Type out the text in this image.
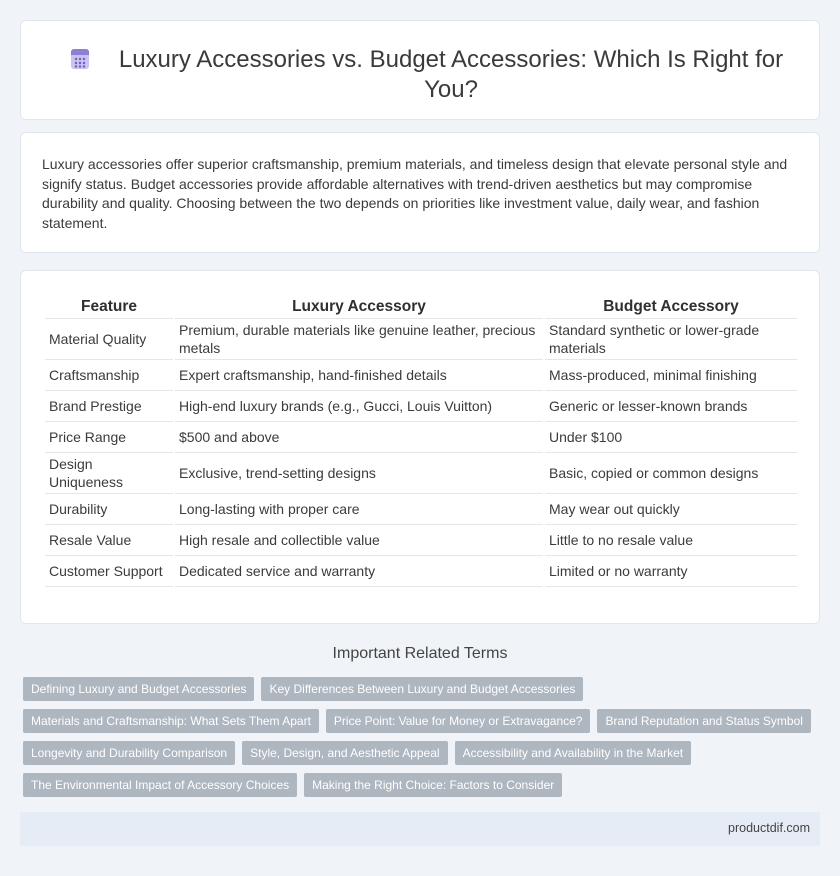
Luxury Accessories vs. Budget Accessories: Which Is Right for You?

Luxury accessories offer superior craftsmanship, premium materials, and timeless design that elevate personal style and signify status. Budget accessories provide affordable alternatives with trend-driven aesthetics but may compromise durability and quality. Choosing between the two depends on priorities like investment value, daily wear, and fashion statement.

Feature	Luxury Accessory	Budget Accessory
Material Quality	Premium, durable materials like genuine leather, precious metals	Standard synthetic or lower-grade materials
Craftsmanship	Expert craftsmanship, hand-finished details	Mass-produced, minimal finishing
Brand Prestige	High-end luxury brands (e.g., Gucci, Louis Vuitton)	Generic or lesser-known brands
Price Range	$500 and above	Under $100
Design Uniqueness	Exclusive, trend-setting designs	Basic, copied or common designs
Durability	Long-lasting with proper care	May wear out quickly
Resale Value	High resale and collectible value	Little to no resale value
Customer Support	Dedicated service and warranty	Limited or no warranty
Important Related Terms
Defining Luxury and Budget Accessories	Key Differences Between Luxury and Budget Accessories
Materials and Craftsmanship: What Sets Them Apart	Price Point: Value for Money or Extravagance?	Brand Reputation and Status Symbol
Longevity and Durability Comparison	Style, Design, and Aesthetic Appeal	Accessibility and Availability in the Market
The Environmental Impact of Accessory Choices	Making the Right Choice: Factors to Consider
productdif.com
